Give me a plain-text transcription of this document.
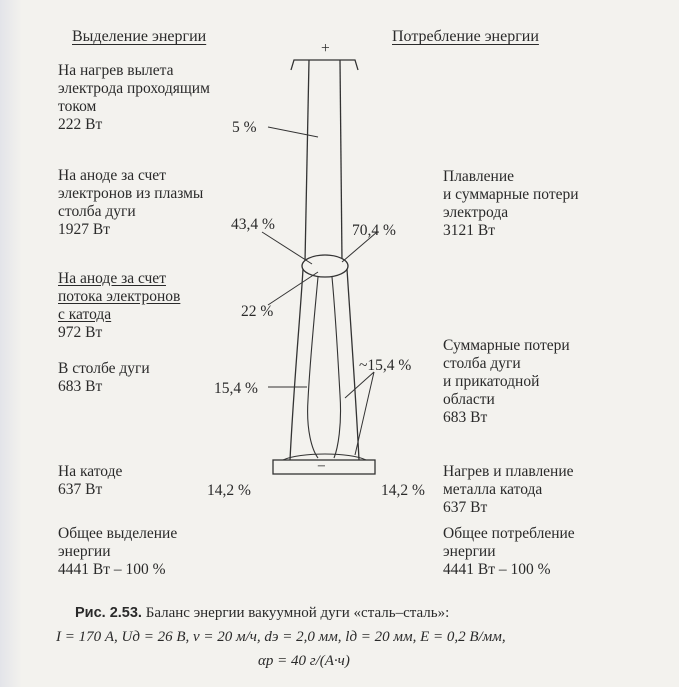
+
−
Выделение энергии	Потребление энергии
На нагрев вылета
электрода проходящим
током
222 Вт
На аноде за счет
электронов из плазмы
столба дуги
1927 Вт
На аноде за счет
потока электронов
с катода
972 Вт
В столбе дуги
683 Вт
На катоде
637 Вт
Общее выделение
энергии
4441 Вт – 100 %
Плавление
и суммарные потери
электрода
3121 Вт
Суммарные потери
столба дуги
и прикатодной
области
683 Вт
Нагрев и плавление
металла катода
637 Вт
Общее потребление
энергии
4441 Вт – 100 %
5 %
43,4 %	70,4 %
22 %
15,4 %
~15,4 %
14,2 %	14,2 %
Рис. 2.53. Баланс энергии вакуумной дуги «сталь–сталь»:
I = 170 А, Uд = 26 В, v = 20 м/ч, dэ = 2,0 мм, lд = 20 мм, E = 0,2 В/мм,
αр = 40 г/(А·ч)
